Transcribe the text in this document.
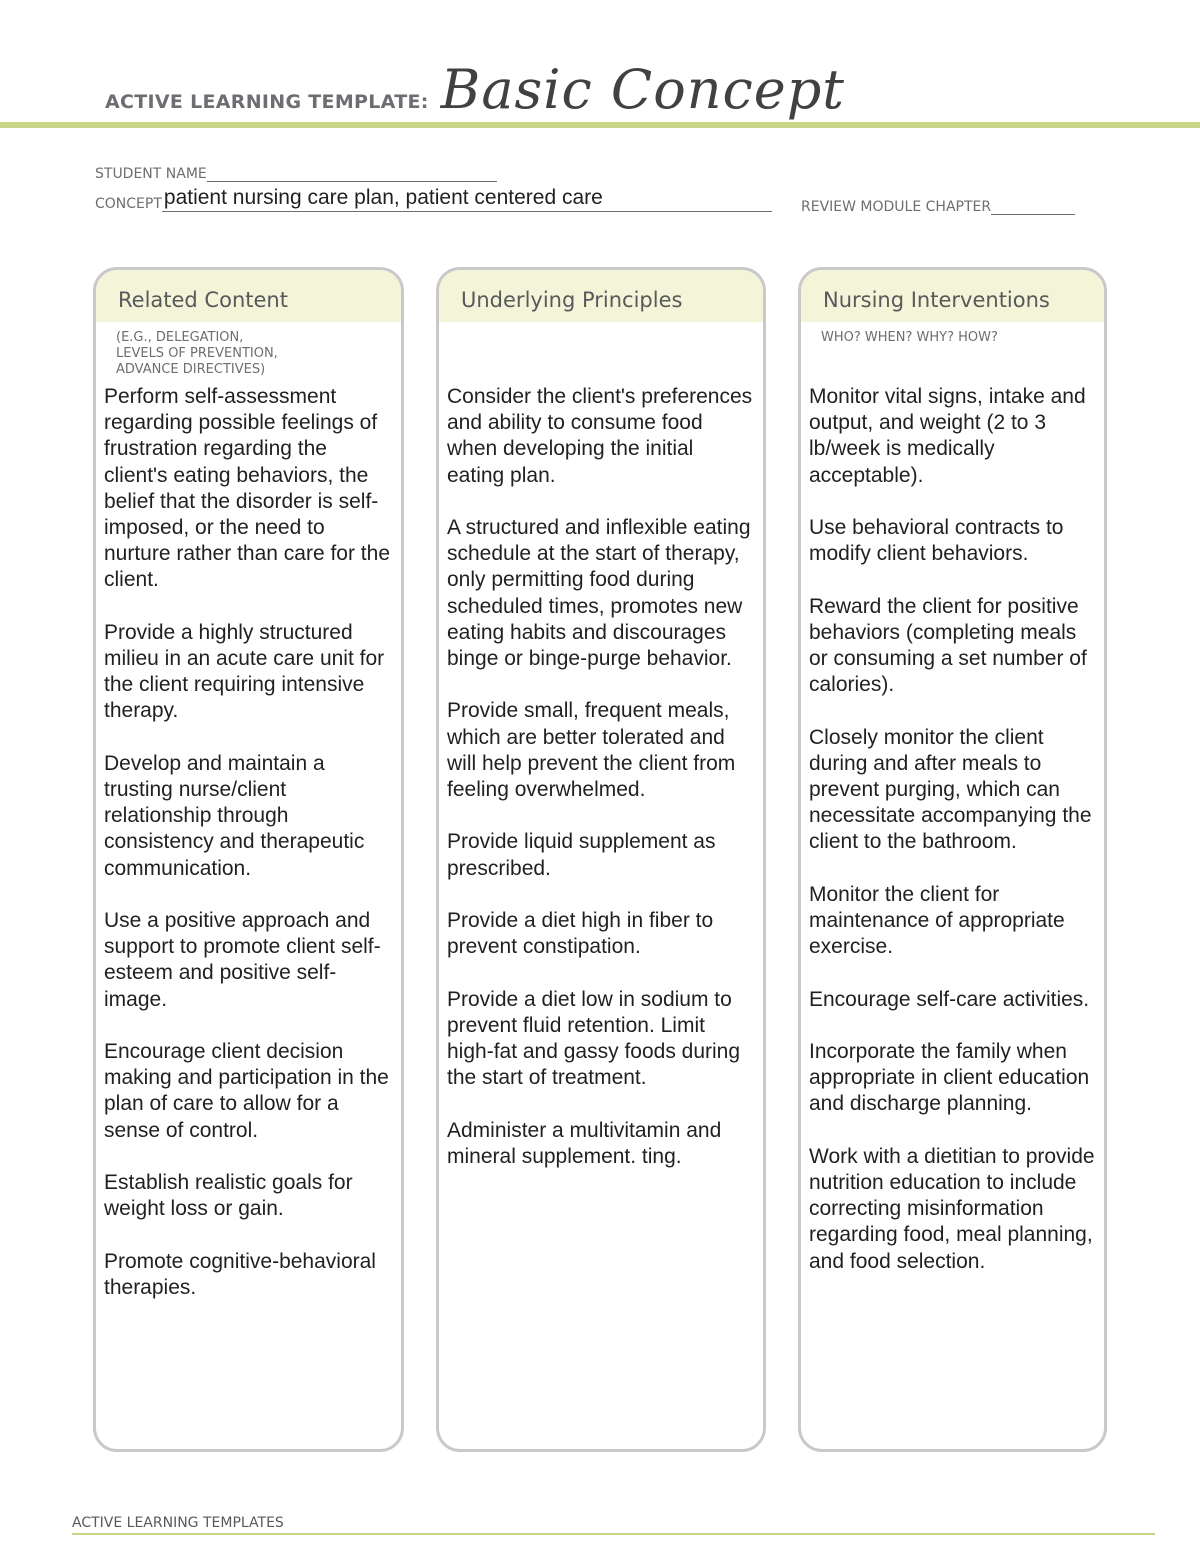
ACTIVE LEARNING TEMPLATE: Basic Concept
STUDENT NAME
CONCEPT patient nursing care plan, patient centered care	REVIEW MODULE CHAPTER
Related Content
(E.G., DELEGATION,
LEVELS OF PREVENTION,
ADVANCE DIRECTIVES)

Perform self-assessment regarding possible feelings of frustration regarding the client's eating behaviors, the belief that the disorder is self-imposed, or the need to nurture rather than care for the client.

Provide a highly structured milieu in an acute care unit for the client requiring intensive therapy.

Develop and maintain a trusting nurse/client relationship through consistency and therapeutic communication.

Use a positive approach and support to promote client self-esteem and positive self-image.

Encourage client decision making and participation in the plan of care to allow for a sense of control.

Establish realistic goals for weight loss or gain.

Promote cognitive-behavioral therapies.

Underlying Principles

Consider the client's preferences and ability to consume food when developing the initial eating plan.

A structured and inflexible eating schedule at the start of therapy, only permitting food during scheduled times, promotes new eating habits and discourages binge or binge-purge behavior.

Provide small, frequent meals, which are better tolerated and will help prevent the client from feeling overwhelmed.

Provide liquid supplement as prescribed.

Provide a diet high in fiber to prevent constipation.

Provide a diet low in sodium to prevent fluid retention. Limit high-fat and gassy foods during the start of treatment.

Administer a multivitamin and mineral supplement. ting.

Nursing Interventions
WHO? WHEN? WHY? HOW?

Monitor vital signs, intake and output, and weight (2 to 3 lb/week is medically acceptable).

Use behavioral contracts to modify client behaviors.

Reward the client for positive behaviors (completing meals or consuming a set number of calories).

Closely monitor the client during and after meals to prevent purging, which can necessitate accompanying the client to the bathroom.

Monitor the client for maintenance of appropriate exercise.

Encourage self-care activities.

Incorporate the family when appropriate in client education and discharge planning.

Work with a dietitian to provide nutrition education to include correcting misinformation regarding food, meal planning, and food selection.

ACTIVE LEARNING TEMPLATES
